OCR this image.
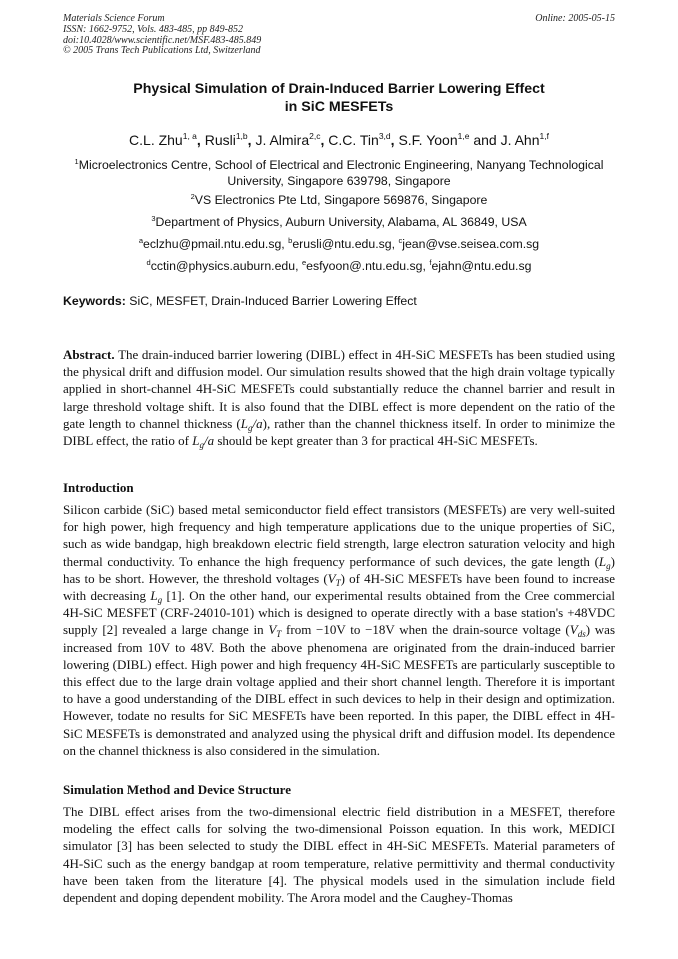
Materials Science Forum
ISSN: 1662-9752, Vols. 483-485, pp 849-852
doi:10.4028/www.scientific.net/MSF.483-485.849
© 2005 Trans Tech Publications Ltd, Switzerland
Online: 2005-05-15
Physical Simulation of Drain-Induced Barrier Lowering Effect
in SiC MESFETs
C.L. Zhu$^{1, a}$, Rusli$^{1,b}$, J. Almira$^{2,c}$, C.C. Tin$^{3,d}$, S.F. Yoon$^{1,e}$ and J. Ahn$^{1,f}$
$^1$Microelectronics Centre, School of Electrical and Electronic Engineering, Nanyang Technological University, Singapore 639798, Singapore
$^2$VS Electronics Pte Ltd, Singapore 569876, Singapore
$^3$Department of Physics, Auburn University, Alabama, AL 36849, USA
$^a$eclzhu@pmail.ntu.edu.sg, $^b$erusli@ntu.edu.sg, $^c$jean@vse.seisea.com.sg
$^d$cctin@physics.auburn.edu, $^e$esfyoon@.ntu.edu.sg, $^f$ejahn@ntu.edu.sg
Keywords: SiC, MESFET, Drain-Induced Barrier Lowering Effect
Abstract. The drain-induced barrier lowering (DIBL) effect in 4H-SiC MESFETs has been studied using the physical drift and diffusion model. Our simulation results showed that the high drain voltage typically applied in short-channel 4H-SiC MESFETs could substantially reduce the channel barrier and result in large threshold voltage shift. It is also found that the DIBL effect is more dependent on the ratio of the gate length to channel thickness $(L_g/a)$, rather than the channel thickness itself. In order to minimize the DIBL effect, the ratio of $L_g/a$ should be kept greater than 3 for practical 4H-SiC MESFETs.
Introduction
Silicon carbide (SiC) based metal semiconductor field effect transistors (MESFETs) are very well-suited for high power, high frequency and high temperature applications due to the unique properties of SiC, such as wide bandgap, high breakdown electric field strength, large electron saturation velocity and high thermal conductivity. To enhance the high frequency performance of such devices, the gate length $(L_g)$ has to be short. However, the threshold voltages $(V_T)$ of 4H-SiC MESFETs have been found to increase with decreasing $L_g$ [1]. On the other hand, our experimental results obtained from the Cree commercial 4H-SiC MESFET (CRF-24010-101) which is designed to operate directly with a base station's +48VDC supply [2] revealed a large change in $V_T$ from −10V to −18V when the drain-source voltage $(V_{ds})$ was increased from 10V to 48V. Both the above phenomena are originated from the drain-induced barrier lowering (DIBL) effect. High power and high frequency 4H-SiC MESFETs are particularly susceptible to this effect due to the large drain voltage applied and their short channel length. Therefore it is important to have a good understanding of the DIBL effect in such devices to help in their design and optimization. However, todate no results for SiC MESFETs have been reported. In this paper, the DIBL effect in 4H-SiC MESFETs is demonstrated and analyzed using the physical drift and diffusion model. Its dependence on the channel thickness is also considered in the simulation.
Simulation Method and Device Structure
The DIBL effect arises from the two-dimensional electric field distribution in a MESFET, therefore modeling the effect calls for solving the two-dimensional Poisson equation. In this work, MEDICI simulator [3] has been selected to study the DIBL effect in 4H-SiC MESFETs. Material parameters of 4H-SiC such as the energy bandgap at room temperature, relative permittivity and thermal conductivity have been taken from the literature [4]. The physical models used in the simulation include field dependent and doping dependent mobility. The Arora model and the Caughey-Thomas
